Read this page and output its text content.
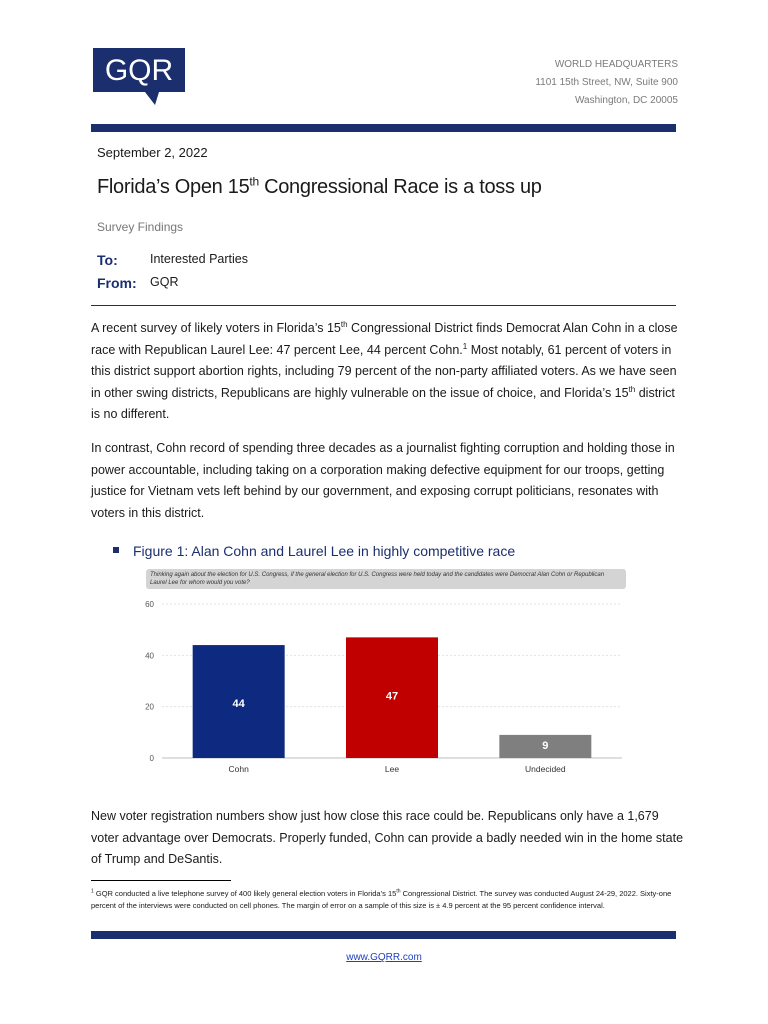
GQR	WORLD HEADQUARTERS
1101 15th Street, NW, Suite 900
Washington, DC 20005
September 2, 2022
Florida’s Open 15th Congressional Race is a toss up
Survey Findings
To:	Interested Parties
From: GQR

A recent survey of likely voters in Florida’s 15th Congressional District finds Democrat Alan Cohn in a close race with Republican Laurel Lee: 47 percent Lee, 44 percent Cohn.$^1$ Most notably, 61 percent of voters in this district support abortion rights, including 79 percent of the non-party affiliated voters. As we have seen in other swing districts, Republicans are highly vulnerable on the issue of choice, and Florida’s 15th district is no different.

In contrast, Cohn record of spending three decades as a journalist fighting corruption and holding those in power accountable, including taking on a corporation making defective equipment for our troops, getting justice for Vietnam vets left behind by our government, and exposing corrupt politicians, resonates with voters in this district.

Figure 1: Alan Cohn and Laurel Lee in highly competitive race
Thinking again about the election for U.S. Congress, if the general election for U.S. Congress were held today and the candidates were Democrat Alan Cohn or Republican Laurel Lee for whom would you vote?
0
20
40
60
44
Cohn
47
Lee
9
Undecided

New voter registration numbers show just how close this race could be. Republicans only have a 1,679 voter advantage over Democrats. Properly funded, Cohn can provide a badly needed win in the home state of Trump and DeSantis.

$^1$ GQR conducted a live telephone survey of 400 likely general election voters in Florida’s 15th Congressional District. The survey was conducted August 24-29, 2022. Sixty-one percent of the interviews were conducted on cell phones. The margin of error on a sample of this size is ± 4.9 percent at the 95 percent confidence interval.

www.GQRR.com
